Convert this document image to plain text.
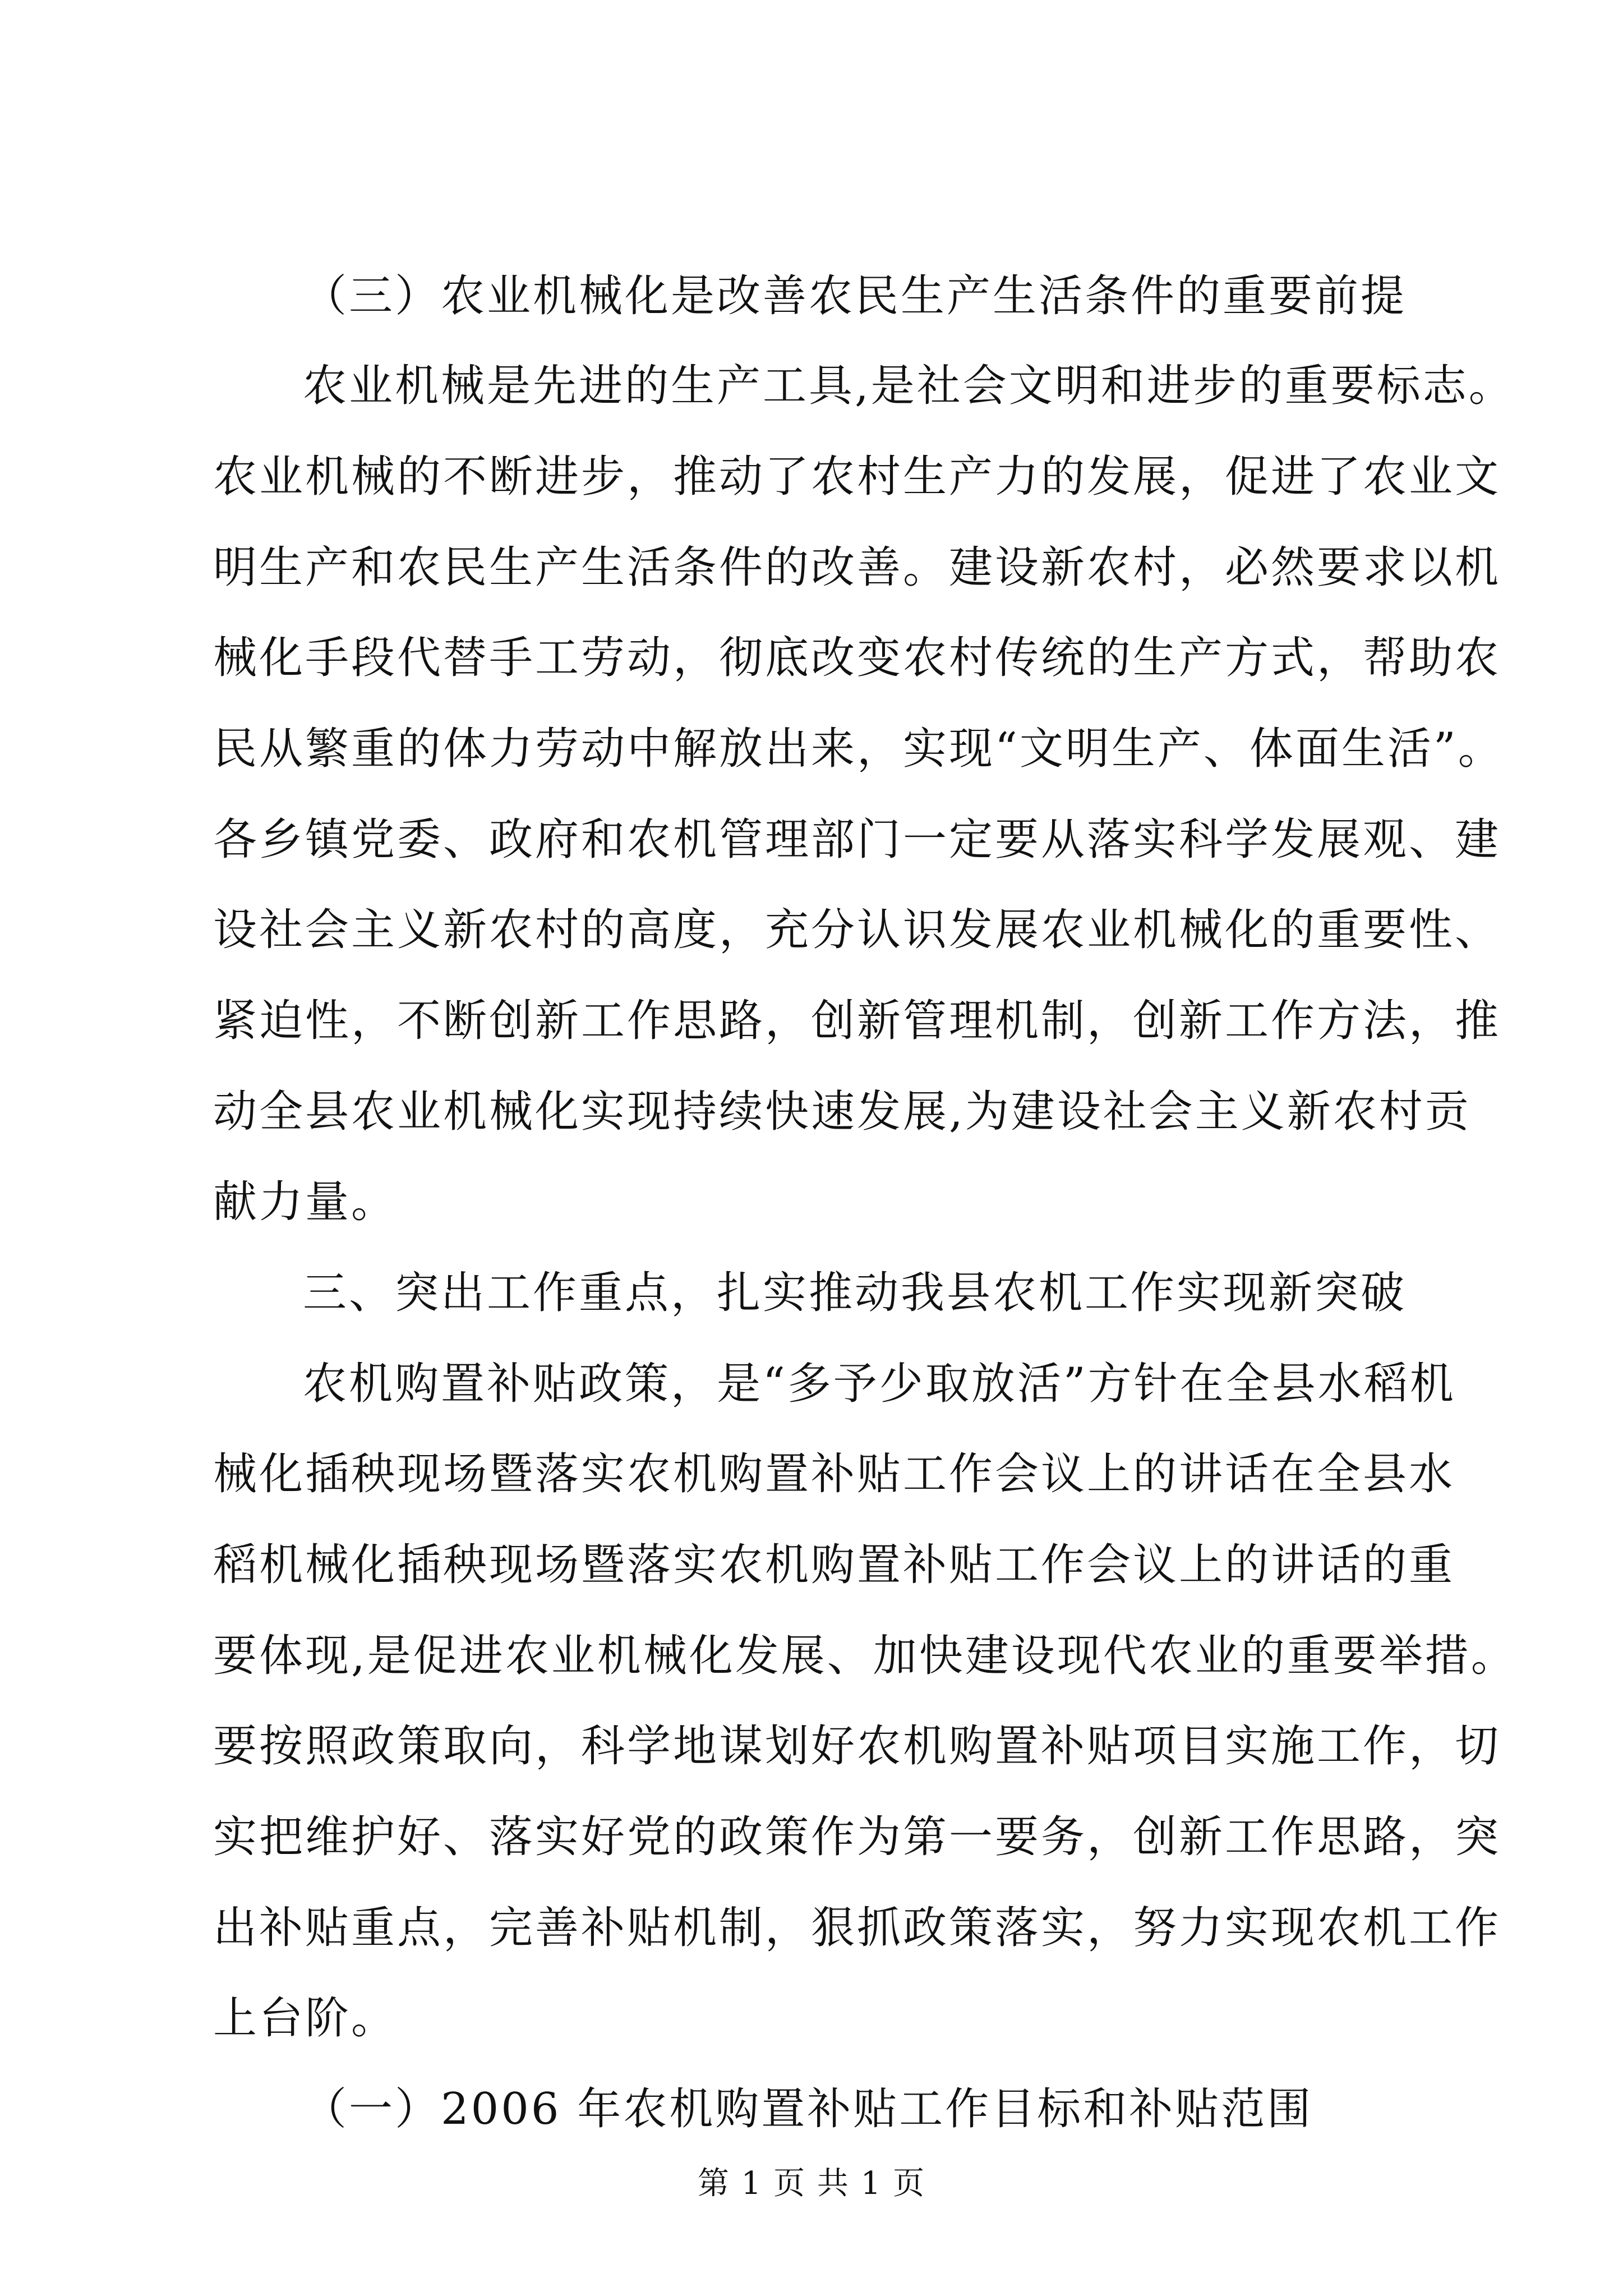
（三）农业机械化是改善农民生产生活条件的重要前提
农业机械是先进的生产工具,是社会文明和进步的重要标志。
农业机械的不断进步，推动了农村生产力的发展，促进了农业文
明生产和农民生产生活条件的改善。建设新农村，必然要求以机
械化手段代替手工劳动，彻底改变农村传统的生产方式，帮助农
民从繁重的体力劳动中解放出来，实现“文明生产、体面生活”。
各乡镇党委、政府和农机管理部门一定要从落实科学发展观、建
设社会主义新农村的高度，充分认识发展农业机械化的重要性、
紧迫性，不断创新工作思路，创新管理机制，创新工作方法，推
动全县农业机械化实现持续快速发展,为建设社会主义新农村贡
献力量。
三、突出工作重点，扎实推动我县农机工作实现新突破
农机购置补贴政策，是“多予少取放活”方针在全县水稻机
械化插秧现场暨落实农机购置补贴工作会议上的讲话在全县水
稻机械化插秧现场暨落实农机购置补贴工作会议上的讲话的重
要体现,是促进农业机械化发展、加快建设现代农业的重要举措。
要按照政策取向，科学地谋划好农机购置补贴项目实施工作，切
实把维护好、落实好党的政策作为第一要务，创新工作思路，突
出补贴重点，完善补贴机制，狠抓政策落实，努力实现农机工作
上台阶。
（一）2006 年农机购置补贴工作目标和补贴范围
第 1 页 共 1 页
